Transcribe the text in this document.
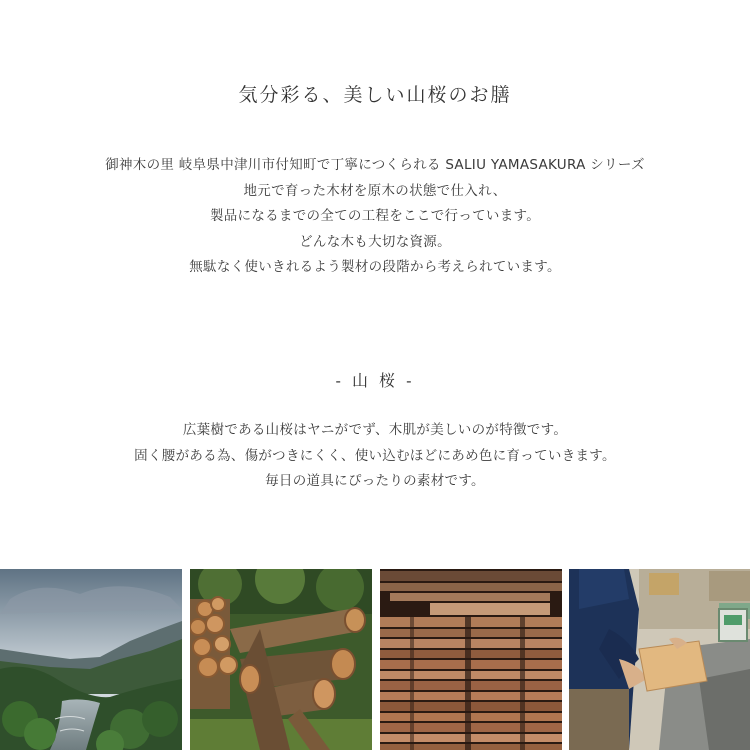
気分彩る、美しい山桜のお膳

御神木の里 岐阜県中津川市付知町で丁寧につくられる SALIU YAMASAKURA シリーズ

地元で育った木材を原木の状態で仕入れ、

製品になるまでの全ての工程をここで行っています。

どんな木も大切な資源。

無駄なく使いきれるよう製材の段階から考えられています。

- 山 桜 -

広葉樹である山桜はヤニがでず、木肌が美しいのが特徴です。

固く腰がある為、傷がつきにくく、使い込むほどにあめ色に育っていきます。

毎日の道具にぴったりの素材です。
